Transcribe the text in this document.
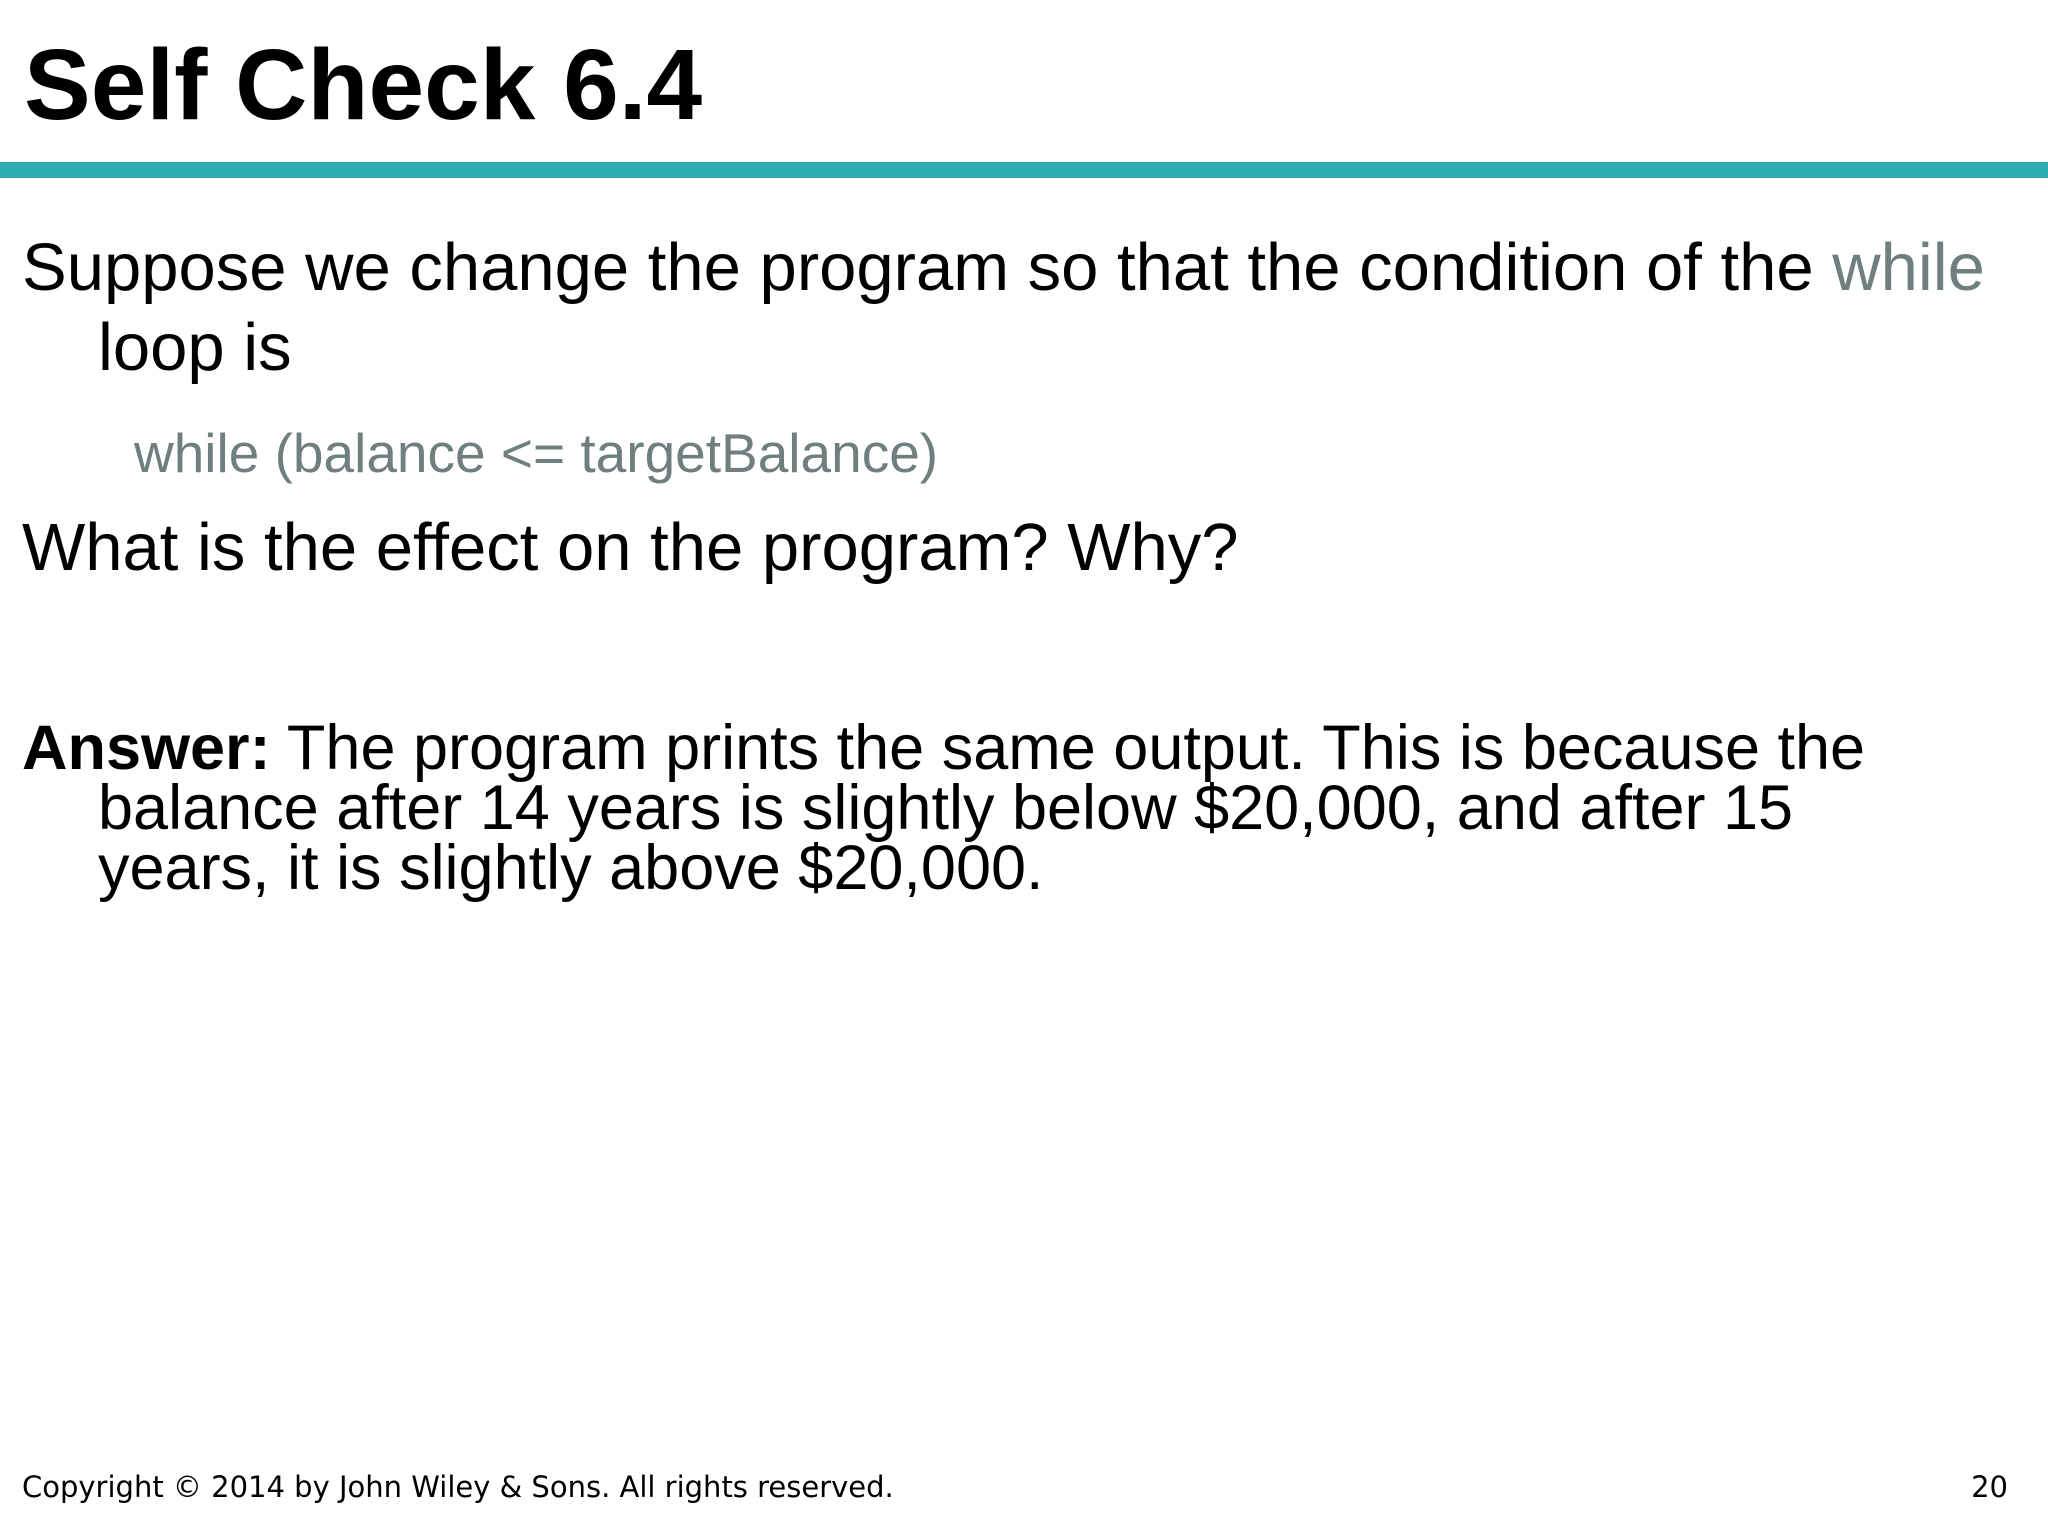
Self Check 6.4

Suppose we change the program so that the condition of the while loop is

while (balance <= targetBalance)

What is the effect on the program? Why?

Answer: The program prints the same output. This is because the balance after 14 years is slightly below $20,000, and after 15 years, it is slightly above $20,000.

Copyright © 2014 by John Wiley & Sons. All rights reserved.	20
